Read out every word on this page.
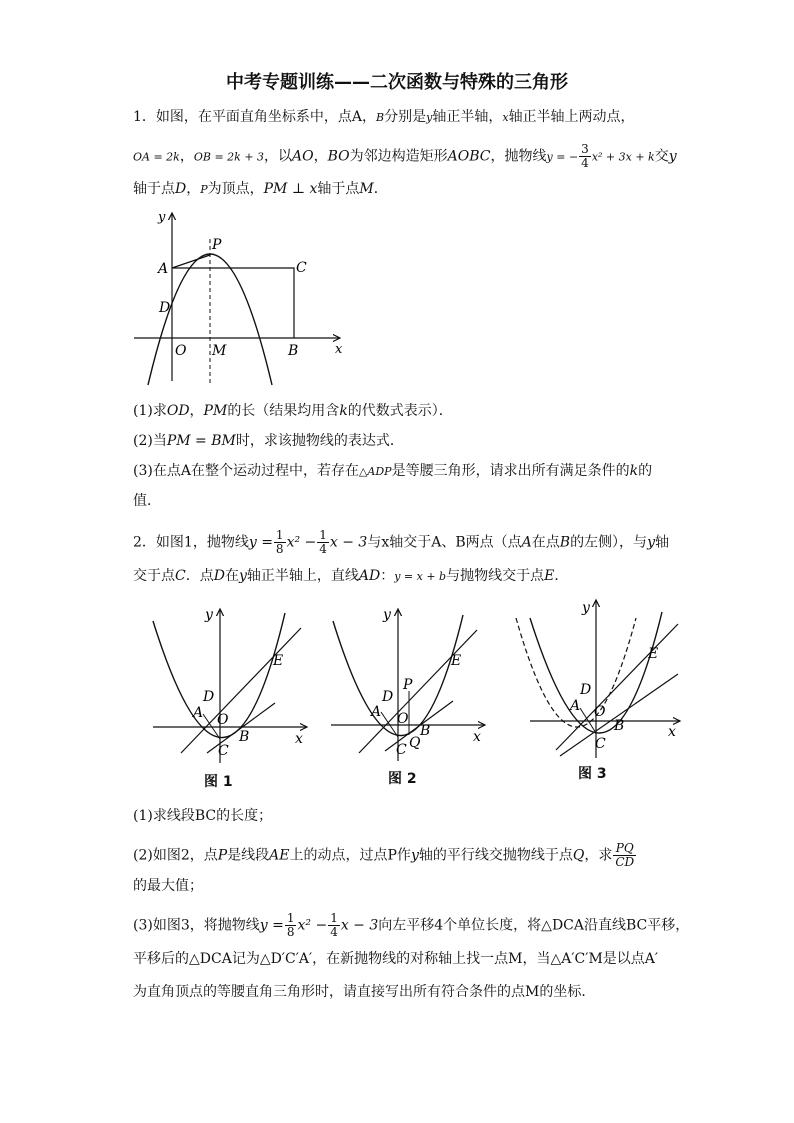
中考专题训练——二次函数与特殊的三角形
1．如图，在平面直角坐标系中，点A，B分别是y轴正半轴，x轴正半轴上两动点，
OA = 2k，OB = 2k + 3，以AO，BO为邻边构造矩形AOBC，抛物线y = − $\frac{3}{4} x^2 + 3x + k$交y
轴于点D，P为顶点，PM ⊥ x轴于点M．
y
x
P
A	C
D
O M	B
(1)求OD，PM的长（结果均用含k的代数式表示）．
(2)当PM = BM时，求该抛物线的表达式．
(3)在点A在整个运动过程中，若存在△ADP是等腰三角形，请求出所有满足条件的k的
值．
2．如图1，抛物线$y = \frac{1}{8} x^2 - \frac{1}{4}$ x − 3与x轴交于A、B两点（点A在点B的左侧），与y轴
交于点C．点D在y轴正半轴上，直线AD：y = x + b与抛物线交于点E．
y
x
E
D
A O
B
C
图 1
y
x
E
P
D
A O
B
Q
C
图 2
y
x
E
D
A O
B
C
图 3
(1)求线段BC的长度；
(2)如图2，点P是线段AE上的动点，过点P作y轴的平行线交抛物线于点Q，求 $\frac{PQ}{CD}$
的最大值；
(3)如图3，将抛物线$y = \frac{1}{8} x^2 - \frac{1}{4}$ x − 3向左平移4个单位长度，将△DCA沿直线BC平移，
平移后的△DCA记为△D′C′A′，在新抛物线的对称轴上找一点M，当△A′C′M是以点A′
为直角顶点的等腰直角三角形时，请直接写出所有符合条件的点M的坐标．
